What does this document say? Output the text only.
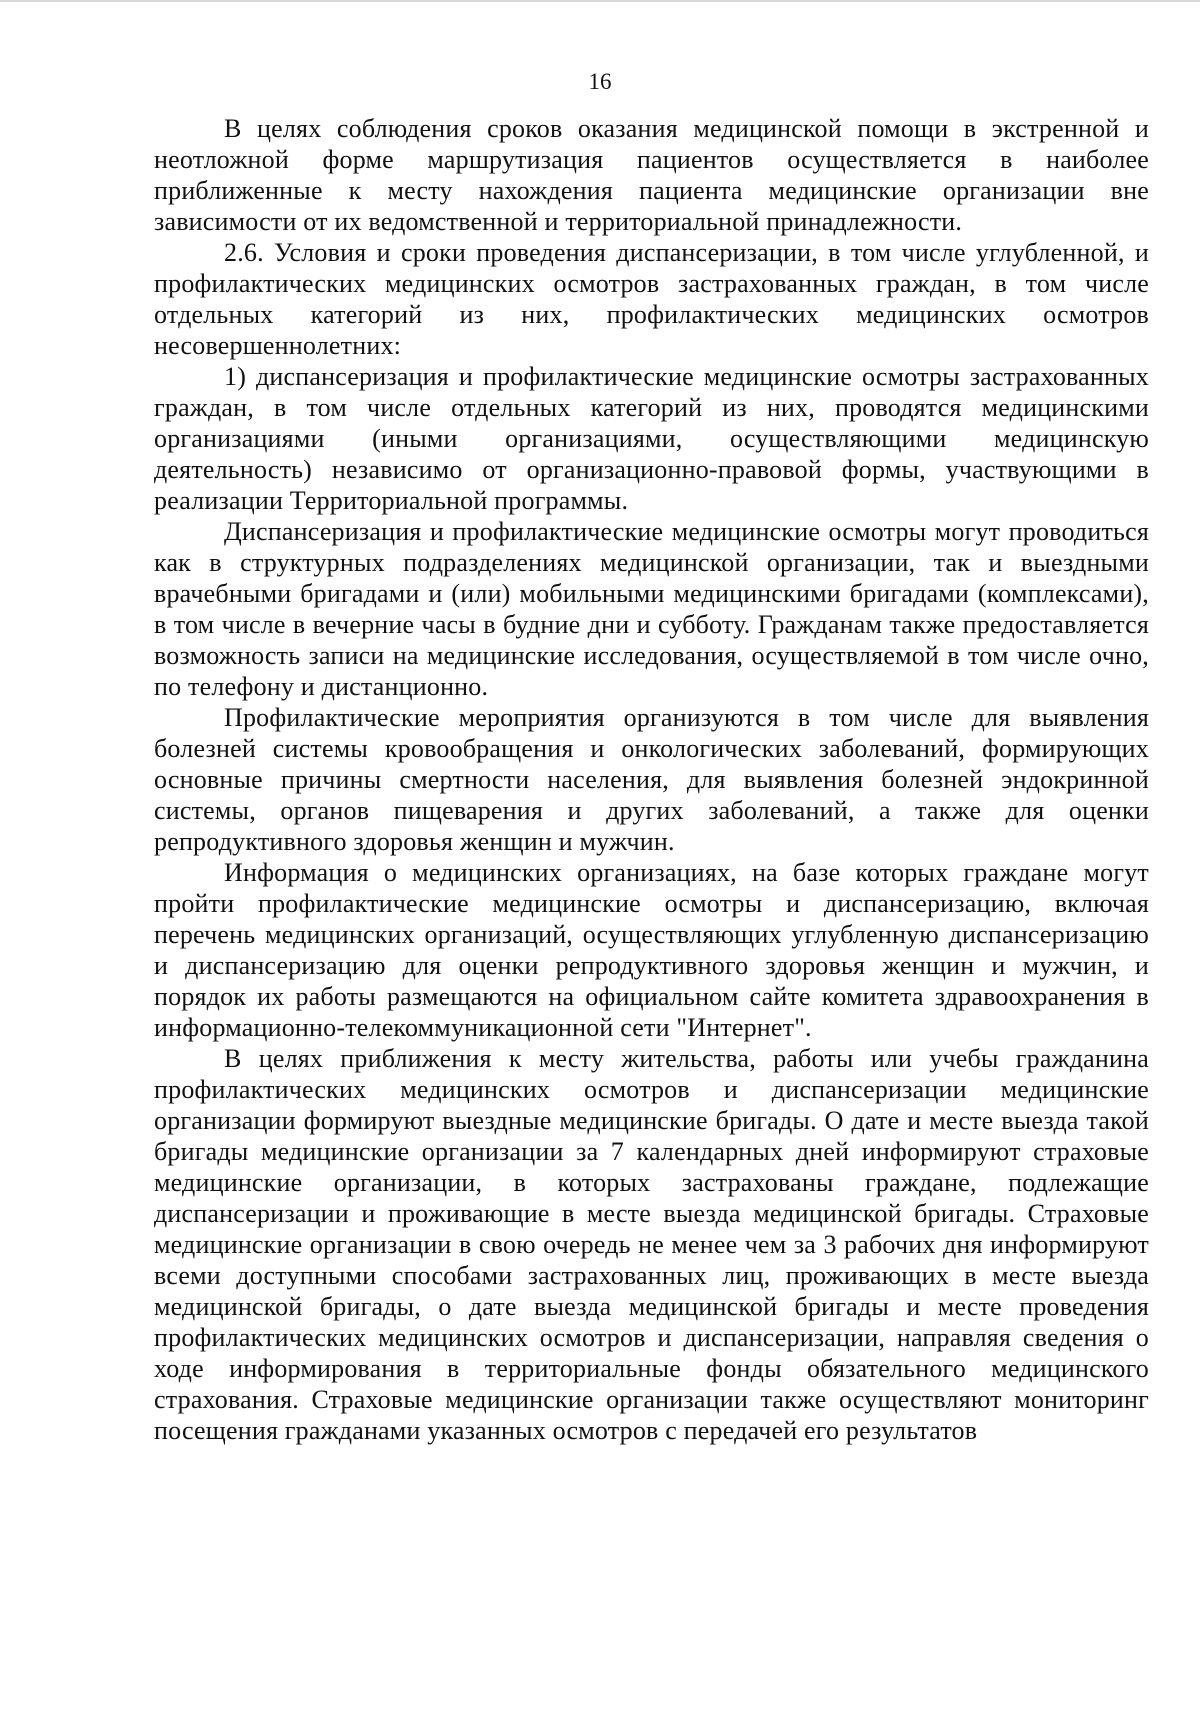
16

В целях соблюдения сроков оказания медицинской помощи в экстренной и неотложной форме маршрутизация пациентов осуществляется в наиболее приближенные к месту нахождения пациента медицинские организации вне зависимости от их ведомственной и территориальной принадлежности.

2.6. Условия и сроки проведения диспансеризации, в том числе углубленной, и профилактических медицинских осмотров застрахованных граждан, в том числе отдельных категорий из них, профилактических медицинских осмотров несовершеннолетних:

1) диспансеризация и профилактические медицинские осмотры застрахованных граждан, в том числе отдельных категорий из них, проводятся медицинскими организациями (иными организациями, осуществляющими медицинскую деятельность) независимо от организационно-правовой формы, участвующими в реализации Территориальной программы.

Диспансеризация и профилактические медицинские осмотры могут проводиться как в структурных подразделениях медицинской организации, так и выездными врачебными бригадами и (или) мобильными медицинскими бригадами (комплексами), в том числе в вечерние часы в будние дни и субботу. Гражданам также предоставляется возможность записи на медицинские исследования, осуществляемой в том числе очно, по телефону и дистанционно.

Профилактические мероприятия организуются в том числе для выявления болезней системы кровообращения и онкологических заболеваний, формирующих основные причины смертности населения, для выявления болезней эндокринной системы, органов пищеварения и других заболеваний, а также для оценки репродуктивного здоровья женщин и мужчин.

Информация о медицинских организациях, на базе которых граждане могут пройти профилактические медицинские осмотры и диспансеризацию, включая перечень медицинских организаций, осуществляющих углубленную диспансеризацию и диспансеризацию для оценки репродуктивного здоровья женщин и мужчин, и порядок их работы размещаются на официальном сайте комитета здравоохранения в информационно-телекоммуникационной сети "Интернет".

В целях приближения к месту жительства, работы или учебы гражданина профилактических медицинских осмотров и диспансеризации медицинские организации формируют выездные медицинские бригады. О дате и месте выезда такой бригады медицинские организации за 7 календарных дней информируют страховые медицинские организации, в которых застрахованы граждане, подлежащие диспансеризации и проживающие в месте выезда медицинской бригады. Страховые медицинские организации в свою очередь не менее чем за 3 рабочих дня информируют всеми доступными способами застрахованных лиц, проживающих в месте выезда медицинской бригады, о дате выезда медицинской бригады и месте проведения профилактических медицинских осмотров и диспансеризации, направляя сведения о ходе информирования в территориальные фонды обязательного медицинского страхования. Страховые медицинские организации также осуществляют мониторинг посещения гражданами указанных осмотров с передачей его результатов
